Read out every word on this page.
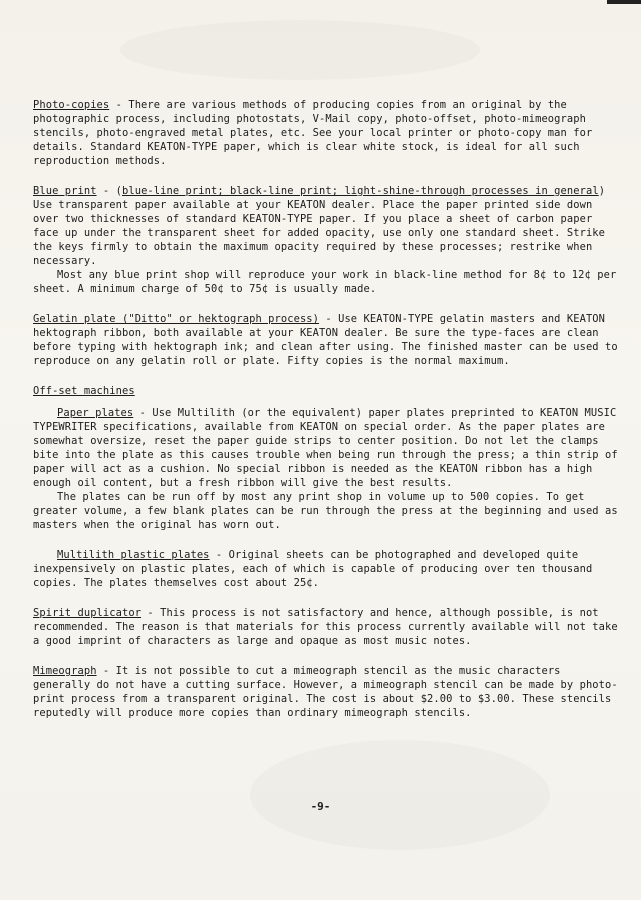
Photo-copies - There are various methods of producing copies from an original by the photographic process, including photostats, V-Mail copy, photo-offset, photo-mimeograph stencils, photo-engraved metal plates, etc. See your local printer or photo-copy man for details. Standard KEATON-TYPE paper, which is clear white stock, is ideal for all such reproduction methods.

Blue print - (blue-line print; black-line print; light-shine-through processes in general) Use transparent paper available at your KEATON dealer. Place the paper printed side down over two thicknesses of standard KEATON-TYPE paper. If you place a sheet of carbon paper face up under the transparent sheet for added opacity, use only one standard sheet. Strike the keys firmly to obtain the maximum opacity required by these processes; restrike when necessary.

Most any blue print shop will reproduce your work in black-line method for 8¢ to 12¢ per sheet. A minimum charge of 50¢ to 75¢ is usually made.

Gelatin plate ("Ditto" or hektograph process) - Use KEATON-TYPE gelatin masters and KEATON hektograph ribbon, both available at your KEATON dealer. Be sure the type-faces are clean before typing with hektograph ink; and clean after using. The finished master can be used to reproduce on any gelatin roll or plate. Fifty copies is the normal maximum.

Off-set machines

Paper plates - Use Multilith (or the equivalent) paper plates preprinted to KEATON MUSIC TYPEWRITER specifications, available from KEATON on special order. As the paper plates are somewhat oversize, reset the paper guide strips to center position. Do not let the clamps bite into the plate as this causes trouble when being run through the press; a thin strip of paper will act as a cushion. No special ribbon is needed as the KEATON ribbon has a high enough oil content, but a fresh ribbon will give the best results.

The plates can be run off by most any print shop in volume up to 500 copies. To get greater volume, a few blank plates can be run through the press at the beginning and used as masters when the original has worn out.

Multilith plastic plates - Original sheets can be photographed and developed quite inexpensively on plastic plates, each of which is capable of producing over ten thousand copies. The plates themselves cost about 25¢.

Spirit duplicator - This process is not satisfactory and hence, although possible, is not recommended. The reason is that materials for this process currently available will not take a good imprint of characters as large and opaque as most music notes.

Mimeograph - It is not possible to cut a mimeograph stencil as the music characters generally do not have a cutting surface. However, a mimeograph stencil can be made by photo-print process from a transparent original. The cost is about $2.00 to $3.00. These stencils reputedly will produce more copies than ordinary mimeograph stencils.

-9-
